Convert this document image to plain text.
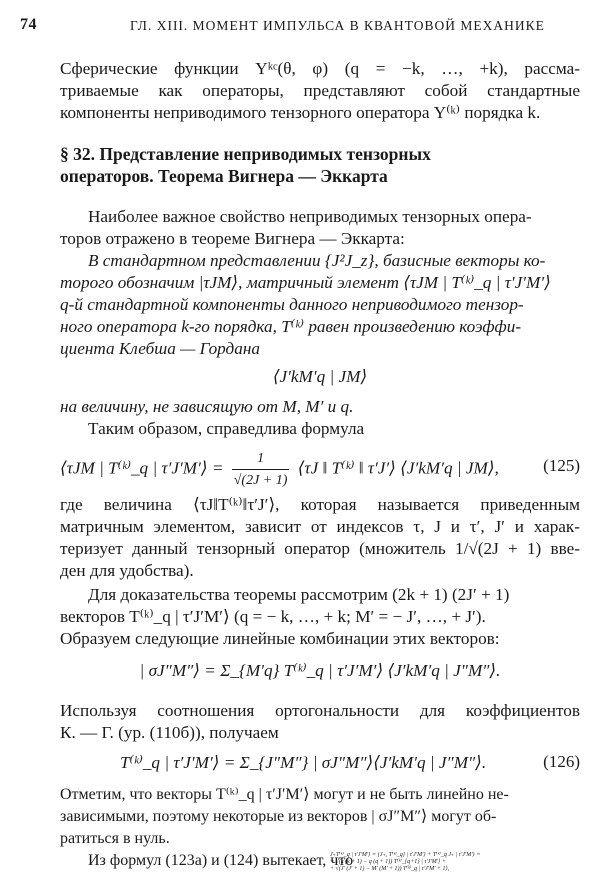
74	ГЛ. XIII. МОМЕНТ ИМПУЛЬСА В КВАНТОВОЙ МЕХАНИКЕ
Сферические функции Yᵏᶜ(θ, φ) (q = −k, …, +k), рассма-
триваемые как операторы, представляют собой стандартные
компоненты неприводимого тензорного оператора Y⁽ᵏ⁾ порядка k.
§ 32. Представление неприводимых тензорных
операторов. Теорема Вигнера — Эккарта
Наиболее важное свойство неприводимых тензорных опера-
торов отражено в теореме Вигнера — Эккарта:
В стандартном представлении {J²J_z}, базисные векторы ко-
торого обозначим |τJM⟩, матричный элемент ⟨τJM | T⁽ᵏ⁾_q | τ′J′M′⟩
q-й стандартной компоненты данного неприводимого тензор-
ного оператора k-го порядка, T⁽ᵏ⁾ равен произведению коэффи-
циента Клебша — Гордана
⟨J′kM′q | JM⟩
на величину, не зависящую от M, M′ и q.
Таким образом, справедлива формула
⟨τJM | T⁽ᵏ⁾_q | τ′J′M′⟩ = $\frac{1}{√(2J + 1)}$ ⟨τJ ‖ T⁽ᵏ⁾ ‖ τ′J′⟩ ⟨J′kM′q | JM⟩,	(125)
где величина ⟨τJ‖T⁽ᵏ⁾‖τ′J′⟩, которая называется приведенным
матричным элементом, зависит от индексов τ, J и τ′, J′ и харак-
теризует данный тензорный оператор (множитель 1/√(2J + 1) вве-
ден для удобства).
Для доказательства теоремы рассмотрим (2k + 1) (2J′ + 1)
векторов T⁽ᵏ⁾_q | τ′J′M′⟩ (q = − k, …, + k; M′ = − J′, …, + J′).
Образуем следующие линейные комбинации этих векторов:
| σJ″M″⟩ = Σ_{M′q} T⁽ᵏ⁾_q | τ′J′M′⟩ ⟨J′kM′q | J″M″⟩.
Используя соотношения ортогональности для коэффициентов
К. — Г. (ур. (110б)), получаем
T⁽ᵏ⁾_q | τ′J′M′⟩ = Σ_{J″M″} | σJ″M″⟩⟨J′kM′q | J″M″⟩.	(126)
Отметим, что векторы T⁽ᵏ⁾_q | τ′J′M′⟩ могут и не быть линейно не-
зависимыми, поэтому некоторые из векторов | σJ″M″⟩ могут об-
ратиться в нуль.
Из формул (123а) и (124) вытекает, что
J₊T⁽ᵏ⁾_q | τ′J′M′⟩ = [J₊, T⁽ᵏ⁾_q] | τ′J′M′⟩ + T⁽ᵏ⁾_q J₊ | τ′J′M′⟩ =
= √(k (k + 1) − q (q + 1)) T⁽ᵏ⁾_{q+1} | τ′J′M′⟩ +
+ √(J′ (J′ + 1) − M′ (M′ + 1)) T⁽ᵏ⁾_q | τ′J′M′ + 1⟩,
